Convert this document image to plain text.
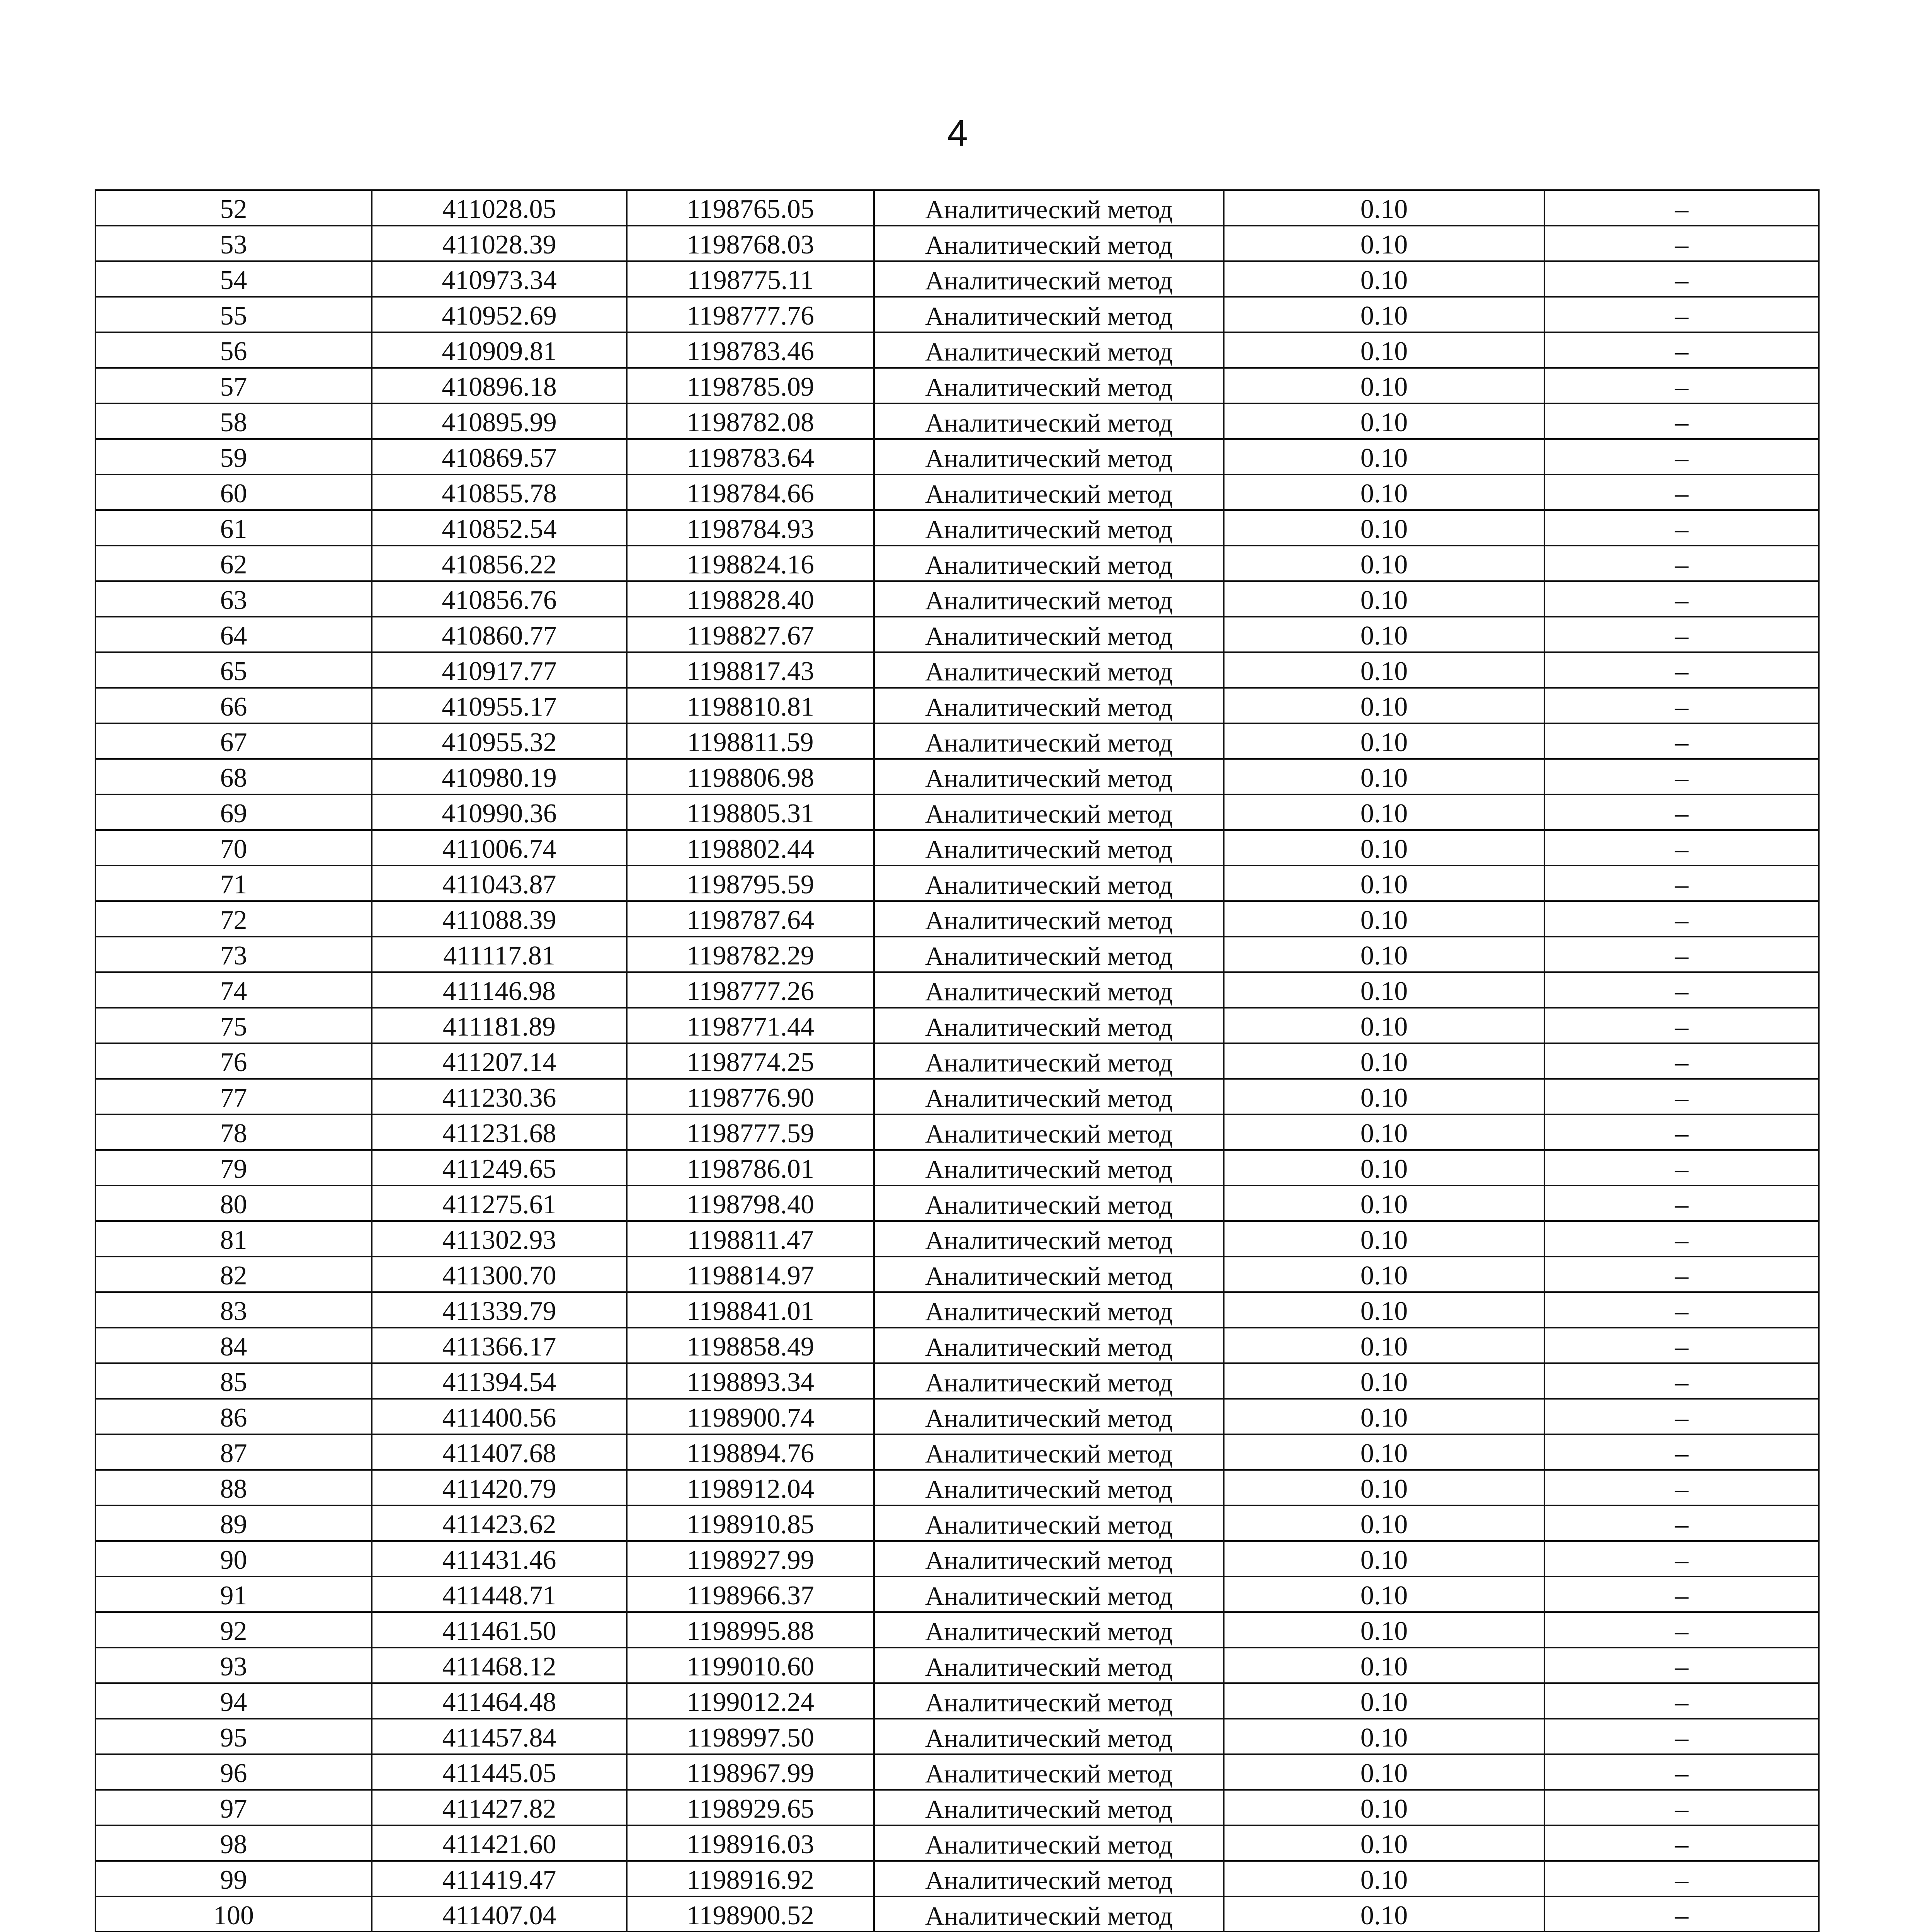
4
52	411028.05	1198765.05	Аналитический метод	0.10	–
53	411028.39	1198768.03	Аналитический метод	0.10	–
54	410973.34	1198775.11	Аналитический метод	0.10	–
55	410952.69	1198777.76	Аналитический метод	0.10	–
56	410909.81	1198783.46	Аналитический метод	0.10	–
57	410896.18	1198785.09	Аналитический метод	0.10	–
58	410895.99	1198782.08	Аналитический метод	0.10	–
59	410869.57	1198783.64	Аналитический метод	0.10	–
60	410855.78	1198784.66	Аналитический метод	0.10	–
61	410852.54	1198784.93	Аналитический метод	0.10	–
62	410856.22	1198824.16	Аналитический метод	0.10	–
63	410856.76	1198828.40	Аналитический метод	0.10	–
64	410860.77	1198827.67	Аналитический метод	0.10	–
65	410917.77	1198817.43	Аналитический метод	0.10	–
66	410955.17	1198810.81	Аналитический метод	0.10	–
67	410955.32	1198811.59	Аналитический метод	0.10	–
68	410980.19	1198806.98	Аналитический метод	0.10	–
69	410990.36	1198805.31	Аналитический метод	0.10	–
70	411006.74	1198802.44	Аналитический метод	0.10	–
71	411043.87	1198795.59	Аналитический метод	0.10	–
72	411088.39	1198787.64	Аналитический метод	0.10	–
73	411117.81	1198782.29	Аналитический метод	0.10	–
74	411146.98	1198777.26	Аналитический метод	0.10	–
75	411181.89	1198771.44	Аналитический метод	0.10	–
76	411207.14	1198774.25	Аналитический метод	0.10	–
77	411230.36	1198776.90	Аналитический метод	0.10	–
78	411231.68	1198777.59	Аналитический метод	0.10	–
79	411249.65	1198786.01	Аналитический метод	0.10	–
80	411275.61	1198798.40	Аналитический метод	0.10	–
81	411302.93	1198811.47	Аналитический метод	0.10	–
82	411300.70	1198814.97	Аналитический метод	0.10	–
83	411339.79	1198841.01	Аналитический метод	0.10	–
84	411366.17	1198858.49	Аналитический метод	0.10	–
85	411394.54	1198893.34	Аналитический метод	0.10	–
86	411400.56	1198900.74	Аналитический метод	0.10	–
87	411407.68	1198894.76	Аналитический метод	0.10	–
88	411420.79	1198912.04	Аналитический метод	0.10	–
89	411423.62	1198910.85	Аналитический метод	0.10	–
90	411431.46	1198927.99	Аналитический метод	0.10	–
91	411448.71	1198966.37	Аналитический метод	0.10	–
92	411461.50	1198995.88	Аналитический метод	0.10	–
93	411468.12	1199010.60	Аналитический метод	0.10	–
94	411464.48	1199012.24	Аналитический метод	0.10	–
95	411457.84	1198997.50	Аналитический метод	0.10	–
96	411445.05	1198967.99	Аналитический метод	0.10	–
97	411427.82	1198929.65	Аналитический метод	0.10	–
98	411421.60	1198916.03	Аналитический метод	0.10	–
99	411419.47	1198916.92	Аналитический метод	0.10	–
100	411407.04	1198900.52	Аналитический метод	0.10	–
